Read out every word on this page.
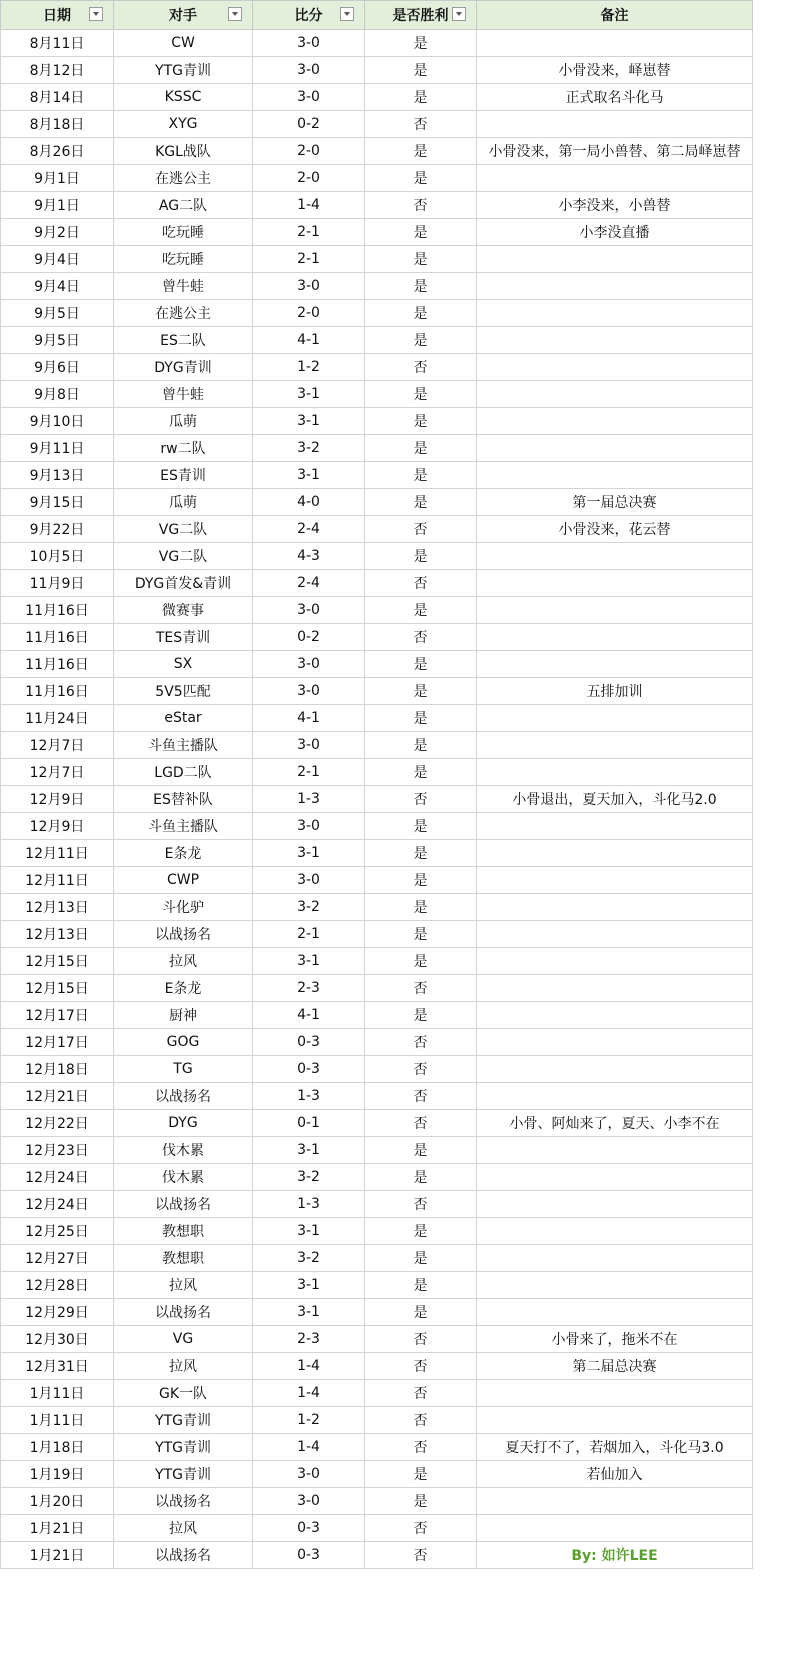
日期	对手	比分	是否胜利	备注
8月11日	CW	3-0	是	
8月12日	YTG青训	3-0	是	小骨没来，峄崽替
8月14日	KSSC	3-0	是	正式取名斗化马
8月18日	XYG	0-2	否	
8月26日	KGL战队	2-0	是	小骨没来，第一局小兽替、第二局峄崽替
9月1日	在逃公主	2-0	是	
9月1日	AG二队	1-4	否	小李没来，小兽替
9月2日	吃玩睡	2-1	是	小李没直播
9月4日	吃玩睡	2-1	是	
9月4日	曾牛蛙	3-0	是	
9月5日	在逃公主	2-0	是	
9月5日	ES二队	4-1	是	
9月6日	DYG青训	1-2	否	
9月8日	曾牛蛙	3-1	是	
9月10日	瓜萌	3-1	是	
9月11日	rw二队	3-2	是	
9月13日	ES青训	3-1	是	
9月15日	瓜萌	4-0	是	第一届总决赛
9月22日	VG二队	2-4	否	小骨没来，花云替
10月5日	VG二队	4-3	是	
11月9日	DYG首发&青训	2-4	否	
11月16日	微赛事	3-0	是	
11月16日	TES青训	0-2	否	
11月16日	SX	3-0	是	
11月16日	5V5匹配	3-0	是	五排加训
11月24日	eStar	4-1	是	
12月7日	斗鱼主播队	3-0	是	
12月7日	LGD二队	2-1	是	
12月9日	ES替补队	1-3	否	小骨退出，夏天加入，斗化马2.0
12月9日	斗鱼主播队	3-0	是	
12月11日	E条龙	3-1	是	
12月11日	CWP	3-0	是	
12月13日	斗化驴	3-2	是	
12月13日	以战扬名	2-1	是	
12月15日	拉风	3-1	是	
12月15日	E条龙	2-3	否	
12月17日	厨神	4-1	是	
12月17日	GOG	0-3	否	
12月18日	TG	0-3	否	
12月21日	以战扬名	1-3	否	
12月22日	DYG	0-1	否	小骨、阿灿来了，夏天、小李不在
12月23日	伐木累	3-1	是	
12月24日	伐木累	3-2	是	
12月24日	以战扬名	1-3	否	
12月25日	教想职	3-1	是	
12月27日	教想职	3-2	是	
12月28日	拉风	3-1	是	
12月29日	以战扬名	3-1	是	
12月30日	VG	2-3	否	小骨来了，拖米不在
12月31日	拉风	1-4	否	第二届总决赛
1月11日	GK一队	1-4	否	
1月11日	YTG青训	1-2	否	
1月18日	YTG青训	1-4	否	夏天打不了，若烟加入，斗化马3.0
1月19日	YTG青训	3-0	是	若仙加入
1月20日	以战扬名	3-0	是	
1月21日	拉风	0-3	否	
1月21日	以战扬名	0-3	否	By: 如许LEE
